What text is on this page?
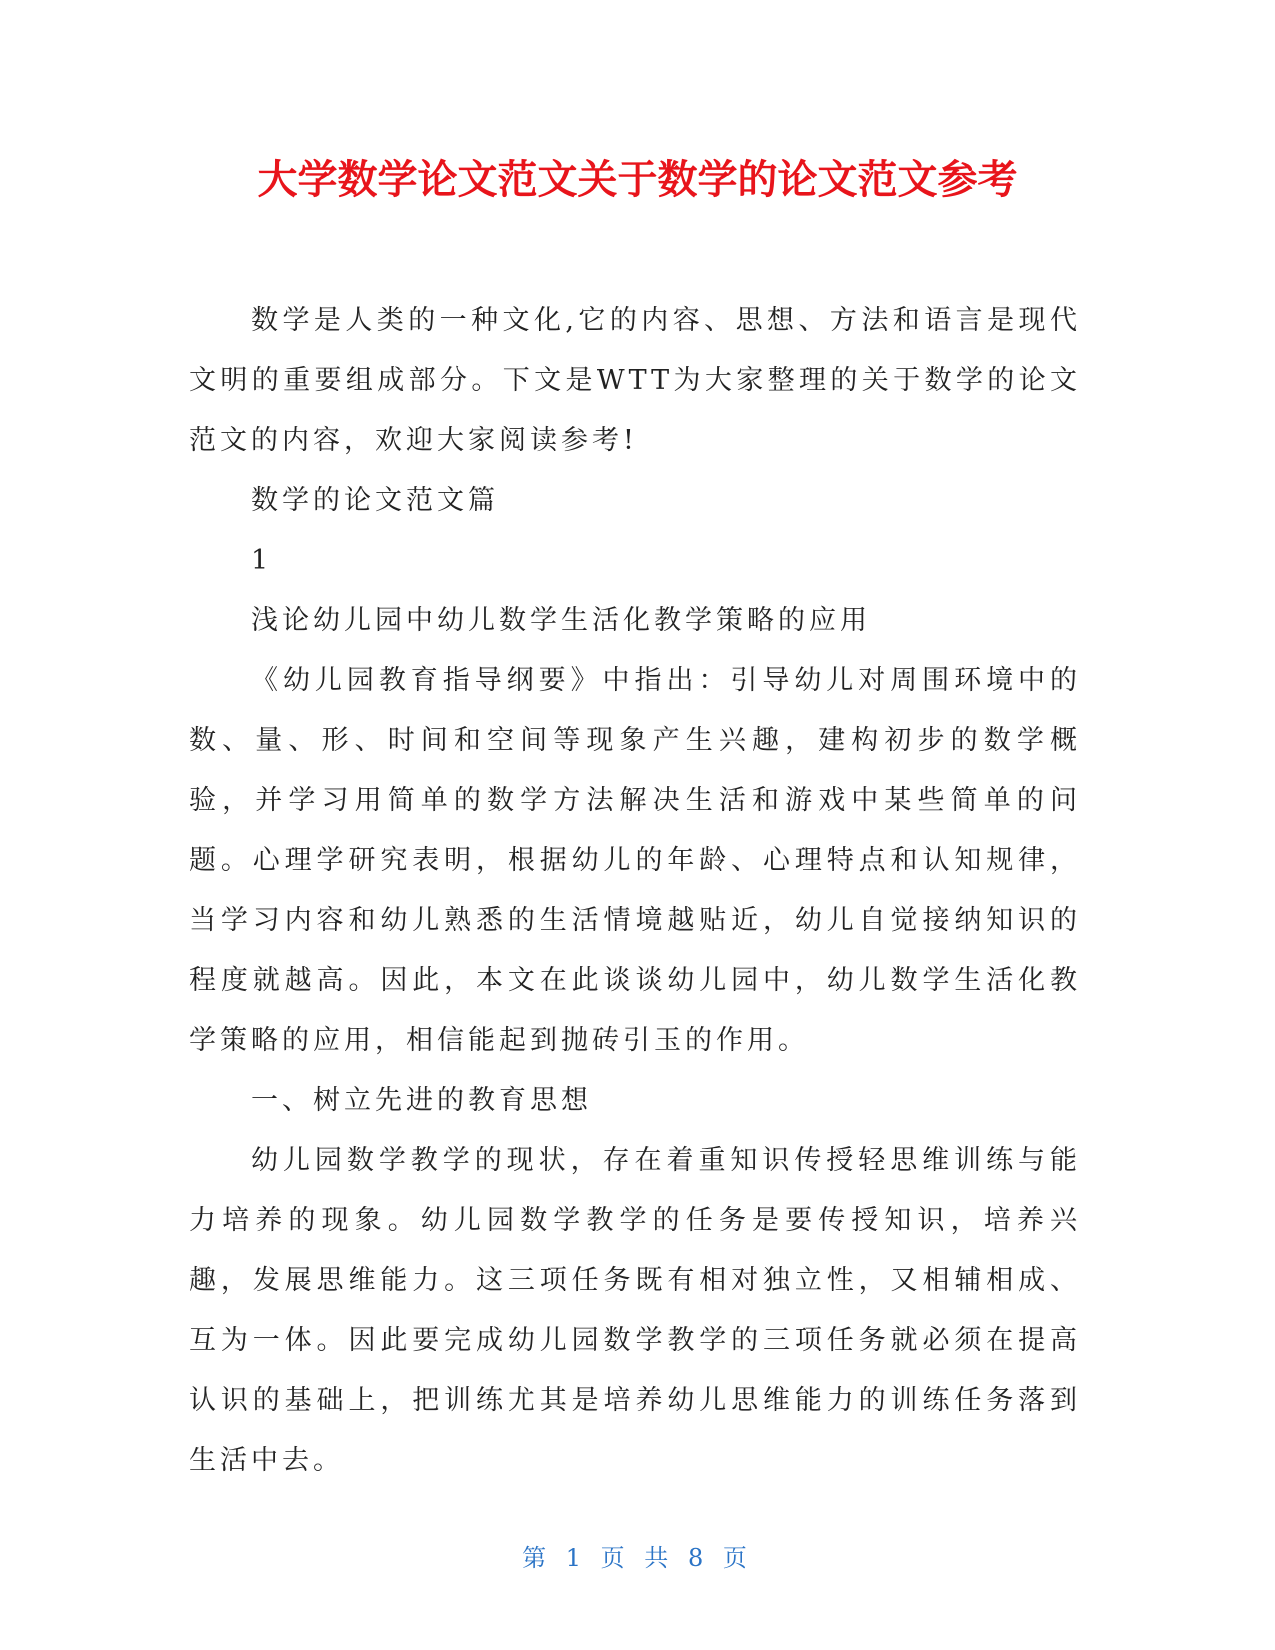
大学数学论文范文关于数学的论文范文参考

数学是人类的一种文化,它的内容、思想、方法和语言是现代文明的重要组成部分。下文是WTT为大家整理的关于数学的论文范文的内容，欢迎大家阅读参考!

数学的论文范文篇

1

浅论幼儿园中幼儿数学生活化教学策略的应用

《幼儿园教育指导纲要》中指出：引导幼儿对周围环境中的数、量、形、时间和空间等现象产生兴趣，建构初步的数学概验，并学习用简单的数学方法解决生活和游戏中某些简单的问题。心理学研究表明，根据幼儿的年龄、心理特点和认知规律，当学习内容和幼儿熟悉的生活情境越贴近，幼儿自觉接纳知识的程度就越高。因此，本文在此谈谈幼儿园中，幼儿数学生活化教学策略的应用，相信能起到抛砖引玉的作用。

一、树立先进的教育思想

幼儿园数学教学的现状，存在着重知识传授轻思维训练与能力培养的现象。幼儿园数学教学的任务是要传授知识，培养兴趣，发展思维能力。这三项任务既有相对独立性，又相辅相成、互为一体。因此要完成幼儿园数学教学的三项任务就必须在提高认识的基础上，把训练尤其是培养幼儿思维能力的训练任务落到生活中去。

第 1 页 共 8 页
